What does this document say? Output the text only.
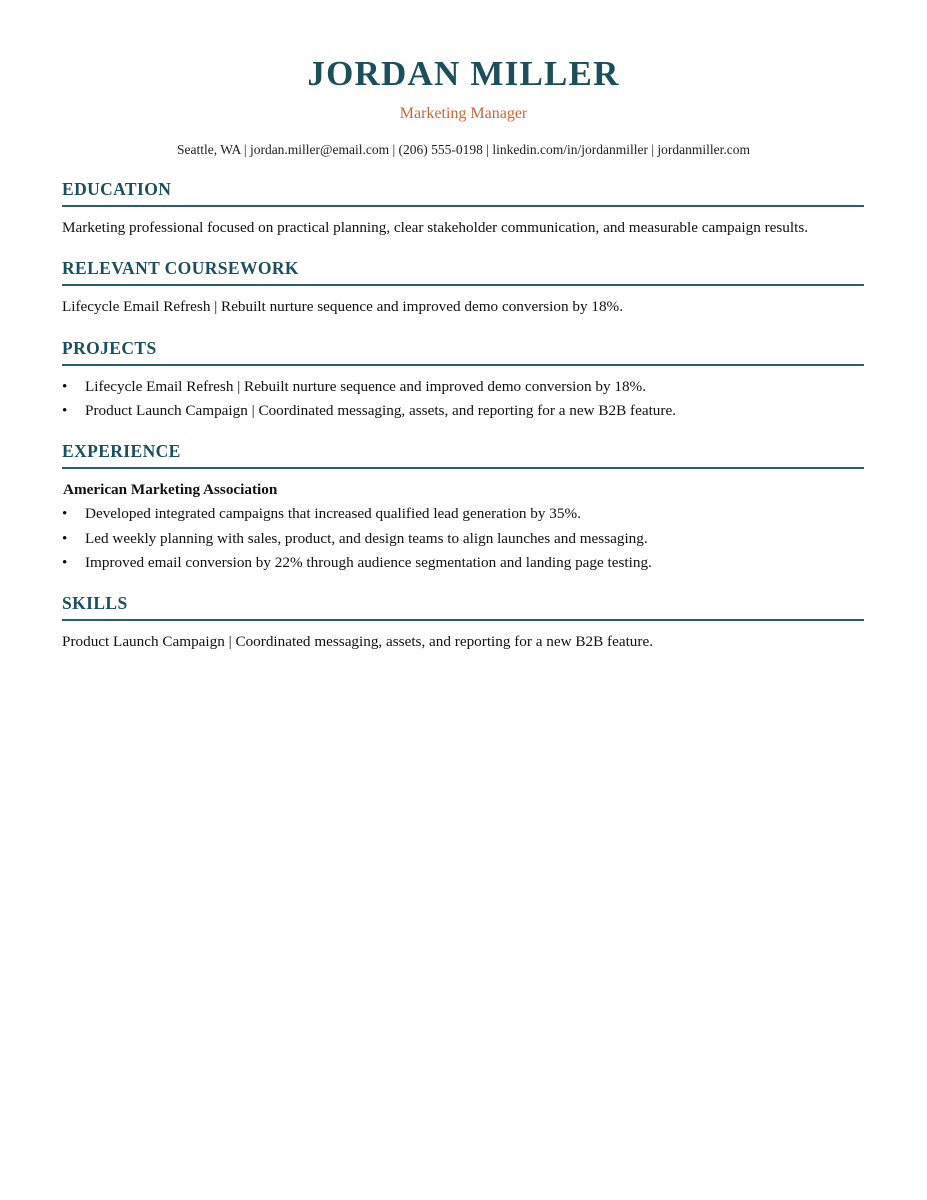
JORDAN MILLER
Marketing Manager
Seattle, WA | jordan.miller@email.com | (206) 555-0198 | linkedin.com/in/jordanmiller | jordanmiller.com
EDUCATION

Marketing professional focused on practical planning, clear stakeholder communication, and measurable campaign results.

RELEVANT COURSEWORK

Lifecycle Email Refresh | Rebuilt nurture sequence and improved demo conversion by 18%.

PROJECTS
• Lifecycle Email Refresh | Rebuilt nurture sequence and improved demo conversion by 18%.
• Product Launch Campaign | Coordinated messaging, assets, and reporting for a new B2B feature.
EXPERIENCE
American Marketing Association
• Developed integrated campaigns that increased qualified lead generation by 35%.
• Led weekly planning with sales, product, and design teams to align launches and messaging.
• Improved email conversion by 22% through audience segmentation and landing page testing.
SKILLS

Product Launch Campaign | Coordinated messaging, assets, and reporting for a new B2B feature.
